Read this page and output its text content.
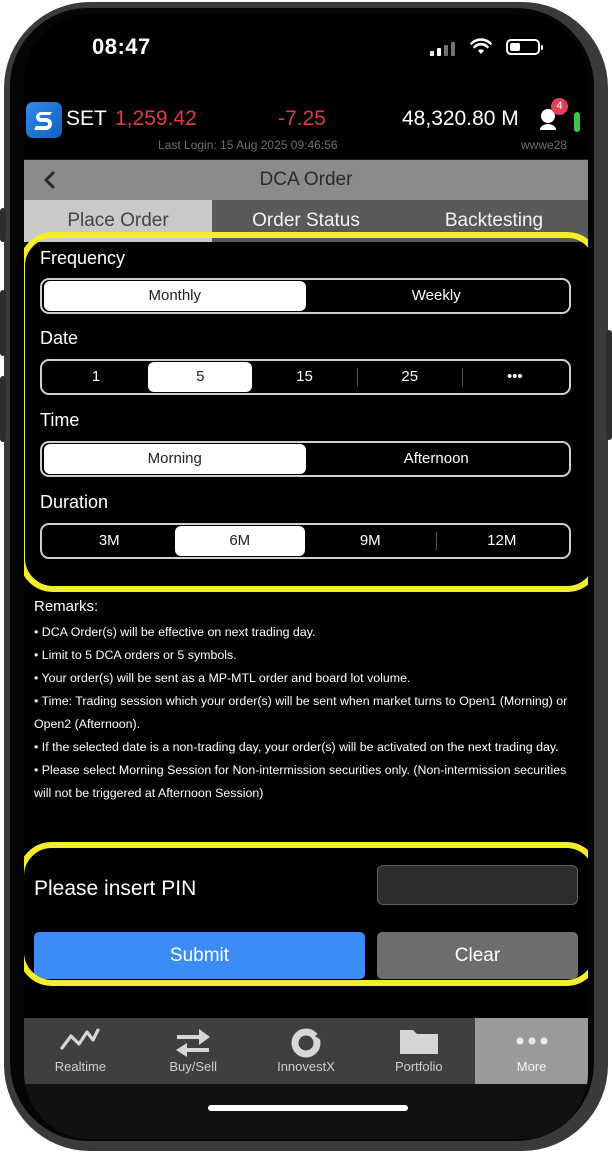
08:47
SET 1,259.42	-7.25	48,320.80 M
Last Login: 15 Aug 2025 09:46:56	wwwe28
4
DCA Order
Place Order	Order Status	Backtesting
Frequency
Monthly	Weekly
Date
1	5	15	25	•••
Time
Morning	Afternoon
Duration
3M	6M	9M	12M
Remarks:

• DCA Order(s) will be effective on next trading day.

• Limit to 5 DCA orders or 5 symbols.

• Your order(s) will be sent as a MP-MTL order and board lot volume.

• Time: Trading session which your order(s) will be sent when market turns to Open1 (Morning) or Open2 (Afternoon).

• If the selected date is a non-trading day, your order(s) will be activated on the next trading day.

• Please select Morning Session for Non-intermission securities only. (Non-intermission securities will not be triggered at Afternoon Session)

Please insert PIN
Submit	Clear
Realtime	Buy/Sell	InnovestX	Portfolio	More
